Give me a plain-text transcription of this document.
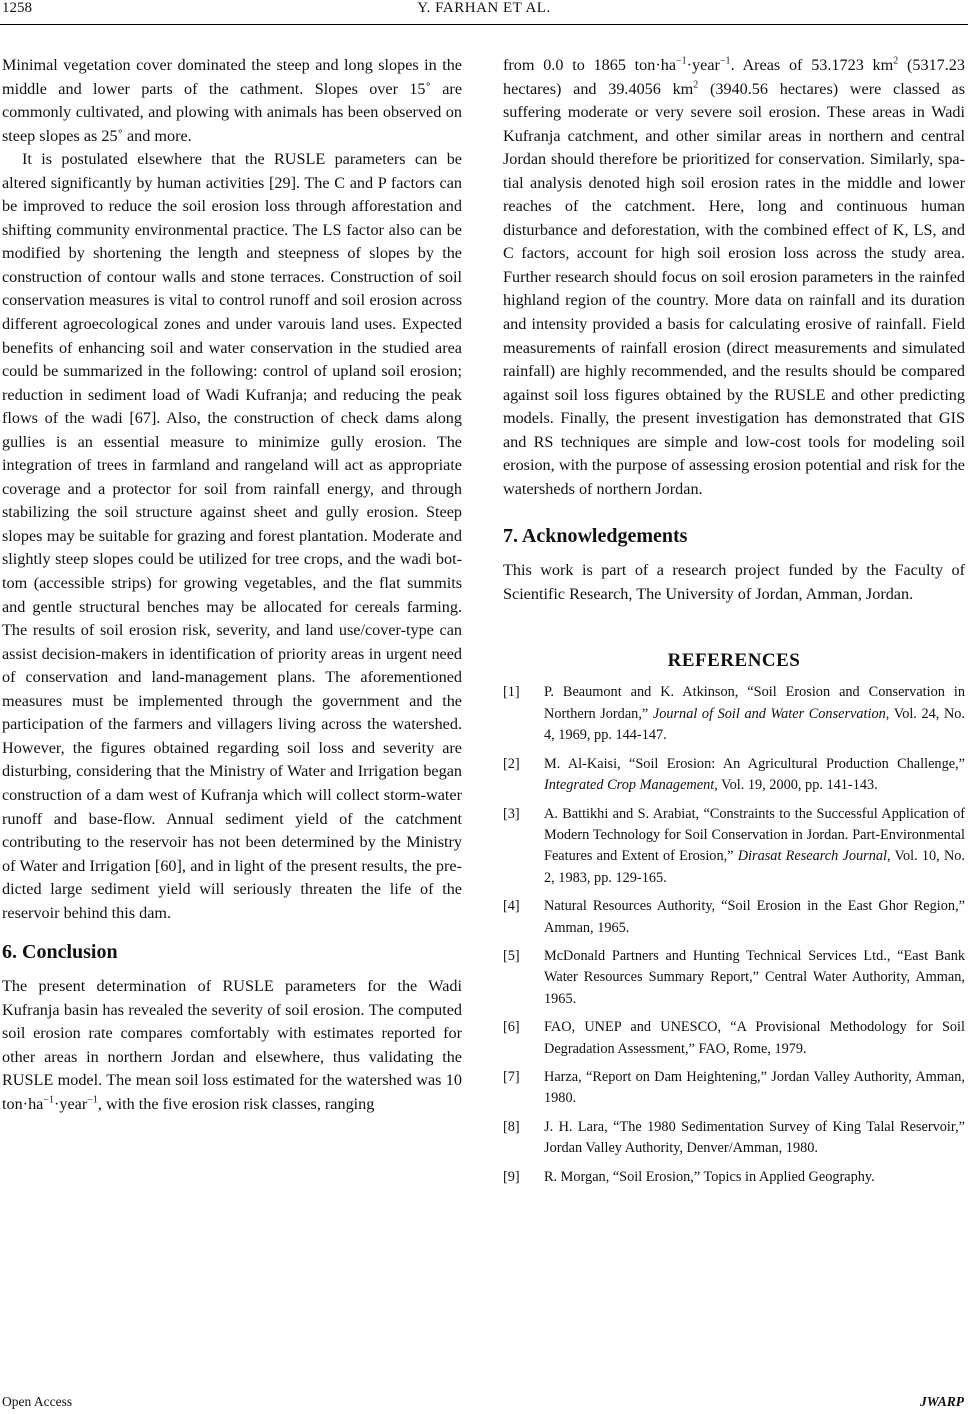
1258	Y. FARHAN ET AL.

Minimal vegetation cover dominated the steep and long slopes in the middle and lower parts of the cathment. Slopes over 15˚ are commonly cultivated, and plowing with animals has been observed on steep slopes as 25˚ and more.

It is postulated elsewhere that the RUSLE parameters can be altered significantly by human activities [29]. The C and P factors can be improved to reduce the soil erosion loss through afforestation and shifting community environmental practice. The LS factor also can be modified by shortening the length and steepness of slopes by the construction of contour walls and stone terraces. Construction of soil conservation measures is vital to control runoff and soil erosion across different agroecological zones and under varouis land uses. Expected benefits of enhancing soil and water conservation in the studied area could be summarized in the following: control of upland soil erosion; reduction in sediment load of Wadi Kufranja; and reducing the peak flows of the wadi [67]. Also, the construction of check dams along gullies is an essential measure to minimize gully erosion. The integration of trees in farmland and rangeland will act as appropriate coverage and a protector for soil from rainfall energy, and through stabilizing the soil structure against sheet and gully erosion. Steep slopes may be suitable for grazing and forest plantation. Moderate and slightly steep slopes could be utilized for tree crops, and the wadi bottom (accessible strips) for growing vegetables, and the flat summits and gentle structural benches may be allocated for cereals farming. The results of soil erosion risk, severity, and land use/cover-type can assist decision-makers in identification of priority areas in urgent need of conservation and land-management plans. The aforementioned measures must be implemented through the government and the participation of the farmers and villagers living across the watershed. However, the figures obtained regarding soil loss and severity are disturbing, considering that the Ministry of Water and Irrigation began construction of a dam west of Kufranja which will collect storm-water runoff and base-flow. Annual sediment yield of the catchment contributing to the reservoir has not been determined by the Ministry of Water and Irrigation [60], and in light of the present results, the predicted large sediment yield will seriously threaten the life of the reservoir behind this dam.

6. Conclusion

The present determination of RUSLE parameters for the Wadi Kufranja basin has revealed the severity of soil erosion. The computed soil erosion rate compares comfortably with estimates reported for other areas in northern Jordan and elsewhere, thus validating the RUSLE model. The mean soil loss estimated for the watershed was 10 $ton\cdot ha^{-1}\cdot year^{-1}$, with the five erosion risk classes, ranging

from 0.0 to 1865 $ton\cdot ha^{-1}\cdot year^{-1}$. Areas of 53.1723 $km^2$ (5317.23 hectares) and 39.4056 $km^2$ (3940.56 hectares) were classed as suffering moderate or very severe soil erosion. These areas in Wadi Kufranja catchment, and other similar areas in northern and central Jordan should therefore be prioritized for conservation. Similarly, spatial analysis denoted high soil erosion rates in the middle and lower reaches of the catchment. Here, long and continuous human disturbance and deforestation, with the combined effect of K, LS, and C factors, account for high soil erosion loss across the study area. Further research should focus on soil erosion parameters in the rainfed highland region of the country. More data on rainfall and its duration and intensity provided a basis for calculating erosive of rainfall. Field measurements of rainfall erosion (direct measurements and simulated rainfall) are highly recommended, and the results should be compared against soil loss figures obtained by the RUSLE and other predicting models. Finally, the present investigation has demonstrated that GIS and RS techniques are simple and low-cost tools for modeling soil erosion, with the purpose of assessing erosion potential and risk for the watersheds of northern Jordan.

7. Acknowledgements

This work is part of a research project funded by the Faculty of Scientific Research, The University of Jordan, Amman, Jordan.

REFERENCES
[1] P. Beaumont and K. Atkinson, “Soil Erosion and Conservation in Northern Jordan,” Journal of Soil and Water Conservation, Vol. 24, No. 4, 1969, pp. 144-147.
[2] M. Al-Kaisi, “Soil Erosion: An Agricultural Production Challenge,” Integrated Crop Management, Vol. 19, 2000, pp. 141-143.
[3] A. Battikhi and S. Arabiat, “Constraints to the Successful Application of Modern Technology for Soil Conservation in Jordan. Part-Environmental Features and Extent of Erosion,” Dirasat Research Journal, Vol. 10, No. 2, 1983, pp. 129-165.
[4] Natural Resources Authority, “Soil Erosion in the East Ghor Region,” Amman, 1965.
[5] McDonald Partners and Hunting Technical Services Ltd., “East Bank Water Resources Summary Report,” Central Water Authority, Amman, 1965.
[6] FAO, UNEP and UNESCO, “A Provisional Methodology for Soil Degradation Assessment,” FAO, Rome, 1979.
[7] Harza, “Report on Dam Heightening,” Jordan Valley Authority, Amman, 1980.
[8] J. H. Lara, “The 1980 Sedimentation Survey of King Talal Reservoir,” Jordan Valley Authority, Denver/Amman, 1980.
[9] R. Morgan, “Soil Erosion,” Topics in Applied Geography.
Open Access	JWARP
